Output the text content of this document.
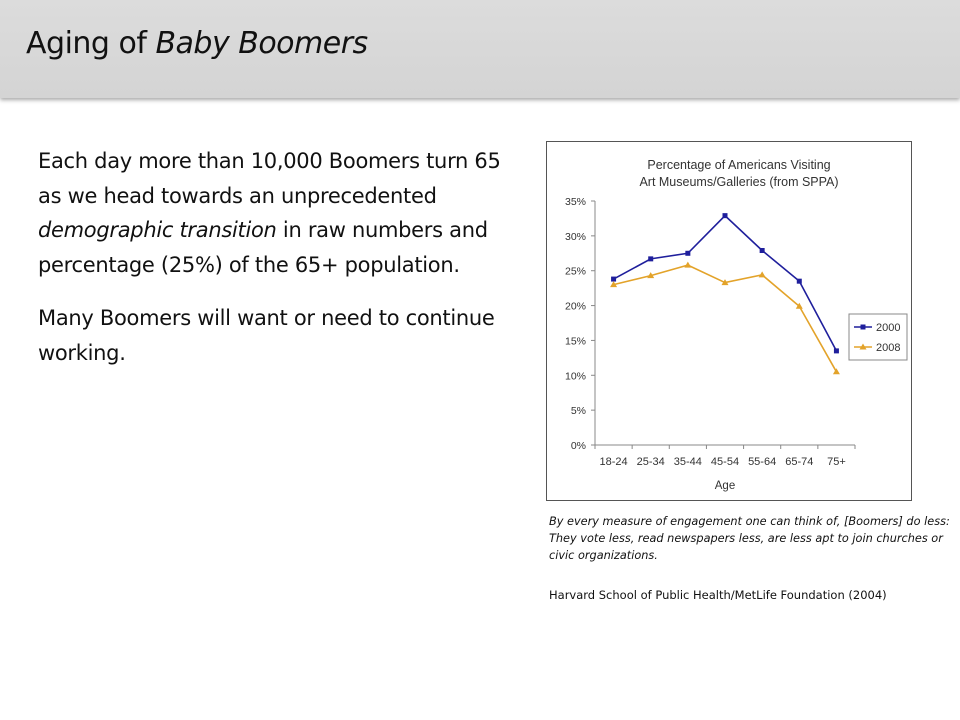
Aging of Baby Boomers

Each day more than 10,000 Boomers turn 65 as we head towards an unprecedented demographic transition in raw numbers and percentage (25%) of the 65+ population.

Many Boomers will want or need to continue working.

Percentage of Americans Visiting
Art Museums/Galleries (from SPPA)
Age
0%
5%
10%
15%
20%
25%
30%
35%
18-24 25-34 35-44 45-54 55-64 65-74 75+
2000
2008
By every measure of engagement one can think of, [Boomers] do less: They vote less, read newspapers less, are less apt to join churches or civic organizations.
Harvard School of Public Health/MetLife Foundation (2004)
